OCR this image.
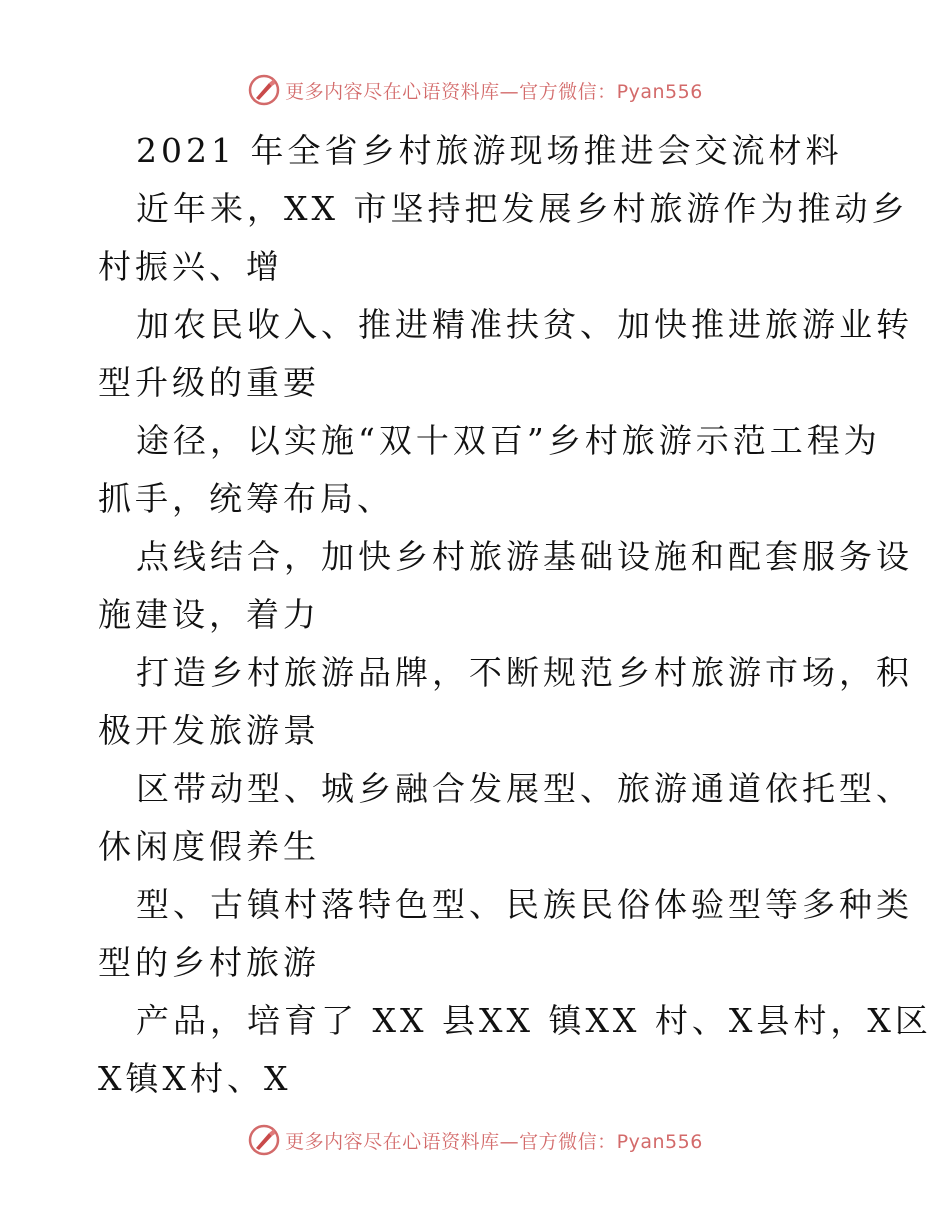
更多内容尽在心语资料库—官方微信：Pyan556
2021 年全省乡村旅游现场推进会交流材料
近年来，XX 市坚持把发展乡村旅游作为推动乡
村振兴、增
加农民收入、推进精准扶贫、加快推进旅游业转
型升级的重要
途径，以实施“双十双百”乡村旅游示范工程为
抓手，统筹布局、
点线结合，加快乡村旅游基础设施和配套服务设
施建设，着力
打造乡村旅游品牌，不断规范乡村旅游市场，积
极开发旅游景
区带动型、城乡融合发展型、旅游通道依托型、
休闲度假养生
型、古镇村落特色型、民族民俗体验型等多种类
型的乡村旅游
产品，培育了 XX 县XX 镇XX 村、X县村，X区
X镇X村、X
更多内容尽在心语资料库—官方微信：Pyan556
